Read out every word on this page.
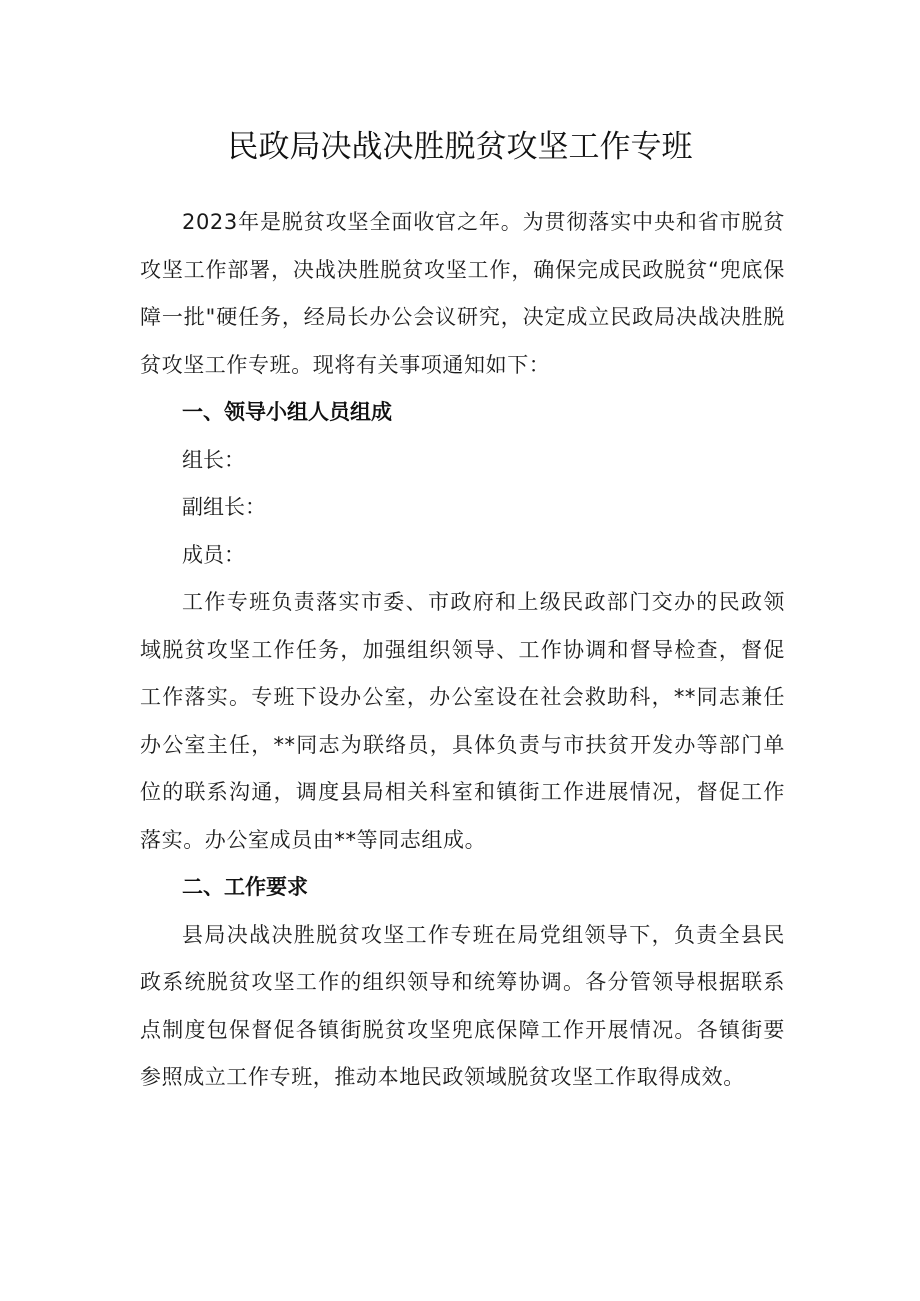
民政局决战决胜脱贫攻坚工作专班

2023年是脱贫攻坚全面收官之年。为贯彻落实中央和省市脱贫攻坚工作部署，决战决胜脱贫攻坚工作，确保完成民政脱贫“兜底保障一批"硬任务，经局长办公会议研究，决定成立民政局决战决胜脱贫攻坚工作专班。现将有关事项通知如下：

一、领导小组人员组成

组长：

副组长：

成员：

工作专班负责落实市委、市政府和上级民政部门交办的民政领域脱贫攻坚工作任务，加强组织领导、工作协调和督导检查，督促工作落实。专班下设办公室，办公室设在社会救助科，**同志兼任办公室主任，**同志为联络员，具体负责与市扶贫开发办等部门单位的联系沟通，调度县局相关科室和镇街工作进展情况，督促工作落实。办公室成员由**等同志组成。

二、工作要求

县局决战决胜脱贫攻坚工作专班在局党组领导下，负责全县民政系统脱贫攻坚工作的组织领导和统筹协调。各分管领导根据联系点制度包保督促各镇街脱贫攻坚兜底保障工作开展情况。各镇街要参照成立工作专班，推动本地民政领域脱贫攻坚工作取得成效。
